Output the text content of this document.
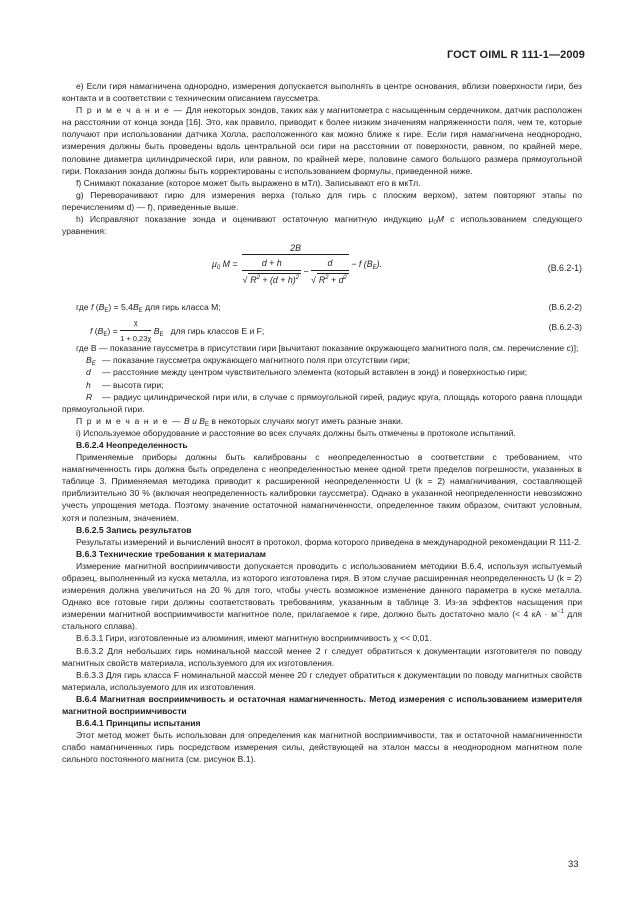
ГОСТ OIML R 111-1—2009

e) Если гиря намагничена однородно, измерения допускается выполнять в центре основания, вблизи поверхности гири, без контакта и в соответствии с техническим описанием гауссметра.

П р и м е ч а н и е — Для некоторых зондов, таких как у магнитометра с насыщенным сердечником, датчик расположен на расстоянии от конца зонда [16]. Это, как правило, приводит к более низким значениям напряженности поля, чем те, которые получают при использовании датчика Холла, расположенного как можно ближе к гире. Если гиря намагничена неоднородно, измерения должны быть проведены вдоль центральной оси гири на расстоянии от поверхности, равном, по крайней мере, половине диаметра цилиндрической гири, или равном, по крайней мере, половине самого большого размера прямоугольной гири. Показания зонда должны быть корректированы с использованием формулы, приведенной ниже.

f) Снимают показание (которое может быть выражено в мТл). Записывают его в мкТл.

g) Переворачивают гирю для измерения верха (только для гирь с плоским верхом), затем повторяют этапы по перечислениям d) — f), приведенные выше.

h) Исправляют показание зонда и оценивают остаточную магнитную индукцию $\mu_0M$ с использованием следующего уравнения:

$\mu_0$ M =
2B
$\frac{d + h}{√ R^2 + (d + h)^2} - \frac{d}{√ R^2 + d^2} - f$ $(B_E)$.	(B.6.2-1)
где f $(B_E) = 5,4B_E$ для гирь класса M;	(B.6.2-2)
f $(B_E) = \frac{\chi}{1 + 0,23\chi} B_E$ для гирь классов E и F;	(B.6.2-3)

где B — показание гауссметра в присутствии гири [вычитают показание окружающего магнитного поля, см. перечисление c)];

$B_E$ — показание гауссметра окружающего магнитного поля при отсутствии гири;
d — расстояние между центром чувствительного элемента (который вставлен в зонд) и поверхностью гири;
h — высота гири;
R — радиус цилиндрической гири или, в случае с прямоугольной гирей, радиус круга, площадь которого равна площади прямоугольной гири.

П р и м е ч а н и е — B и $B_E$ в некоторых случаях могут иметь разные знаки.

i) Используемое оборудование и расстояние во всех случаях должны быть отмечены в протоколе испытаний.

B.6.2.4 Неопределенность

Применяемые приборы должны быть калиброваны с неопределенностью в соответствии с требованием, что намагниченность гирь должна быть определена с неопределенностью менее одной трети пределов погрешности, указанных в таблице 3. Применяемая методика приводит к расширенной неопределенности U (k = 2) намагничивания, составляющей приблизительно 30 % (включая неопределенность калибровки гауссметра). Однако в указанной неопределенности невозможно учесть упрощения метода. Поэтому значение остаточной намагниченности, определенное таким образом, считают условным, хотя и полезным, значением.

B.6.2.5 Запись результатов

Результаты измерений и вычислений вносят в протокол, форма которого приведена в международной рекомендации R 111-2.

B.6.3 Технические требования к материалам

Измерение магнитной восприимчивости допускается проводить с использованием методики B.6.4, используя испытуемый образец, выполненный из куска металла, из которого изготовлена гиря. В этом случае расширенная неопределенность U (k = 2) измерения должна увеличиться на 20 % для того, чтобы учесть возможное изменение данного параметра в куске металла. Однако все готовые гири должны соответствовать требованиям, указанным в таблице 3. Из-за эффектов насыщения при измерении магнитной восприимчивости магнитное поле, прилагаемое к гире, должно быть достаточно мало (< 4 кА · $м^{-1}$ для стального сплава).

B.6.3.1 Гири, изготовленные из алюминия, имеют магнитную восприимчивость χ << 0,01.

B.6.3.2 Для небольших гирь номинальной массой менее 2 г следует обратиться к документации изготовителя по поводу магнитных свойств материала, используемого для их изготовления.

B.6.3.3 Для гирь класса F номинальной массой менее 20 г следует обратиться к документации по поводу магнитных свойств материала, используемого для их изготовления.

B.6.4 Магнитная восприимчивость и остаточная намагниченность. Метод измерения с использованием измерителя магнитной восприимчивости

B.6.4.1 Принципы испытания

Этот метод может быть использован для определения как магнитной восприимчивости, так и остаточной намагниченности слабо намагниченных гирь посредством измерения силы, действующей на эталон массы в неоднородном магнитном поле сильного постоянного магнита (см. рисунок B.1).

33
